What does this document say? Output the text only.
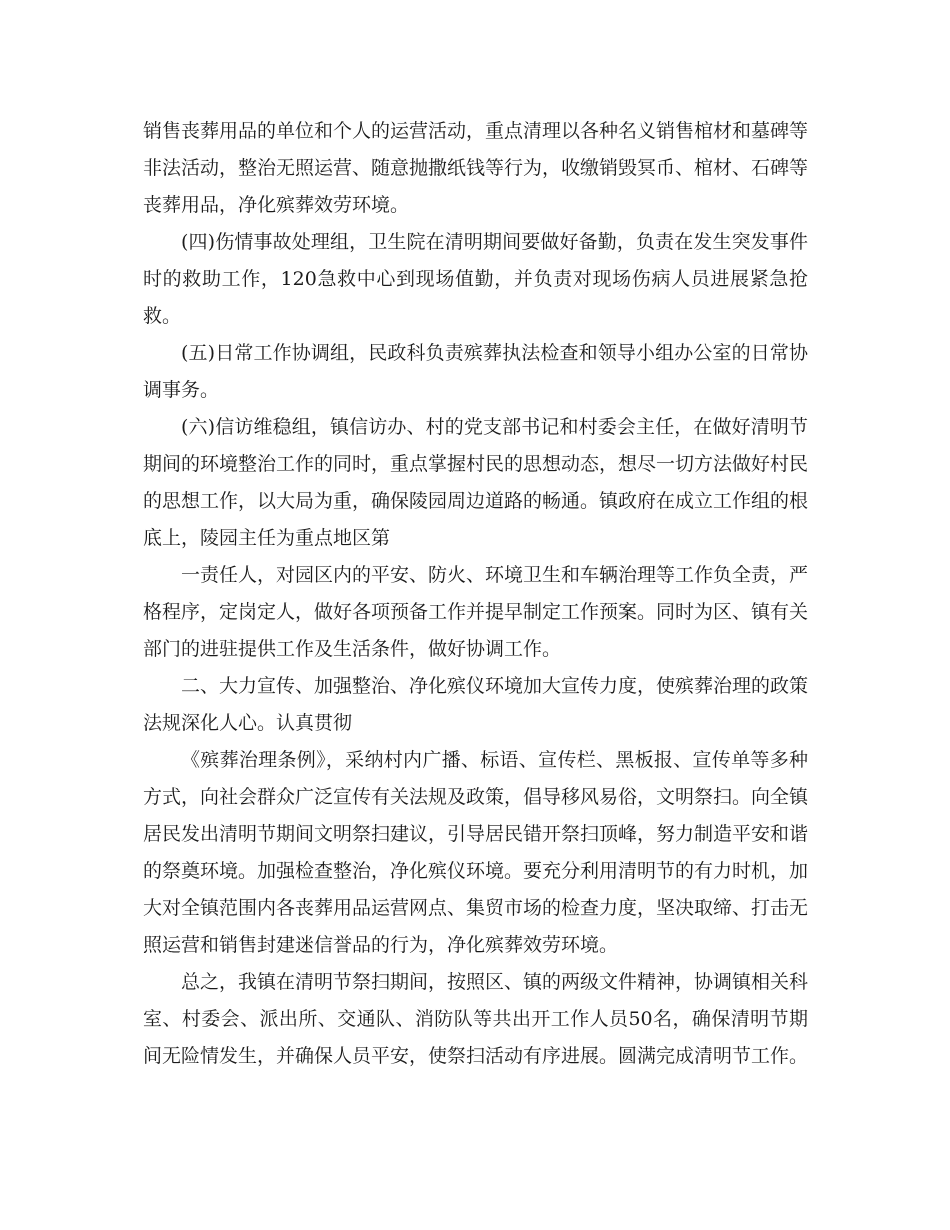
销售丧葬用品的单位和个人的运营活动，重点清理以各种名义销售棺材和墓碑等非法活动，整治无照运营、随意抛撒纸钱等行为，收缴销毁冥币、棺材、石碑等丧葬用品，净化殡葬效劳环境。

(四)伤情事故处理组，卫生院在清明期间要做好备勤，负责在发生突发事件时的救助工作，120急救中心到现场值勤，并负责对现场伤病人员进展紧急抢救。

(五)日常工作协调组，民政科负责殡葬执法检查和领导小组办公室的日常协调事务。

(六)信访维稳组，镇信访办、村的党支部书记和村委会主任，在做好清明节期间的环境整治工作的同时，重点掌握村民的思想动态，想尽一切方法做好村民的思想工作，以大局为重，确保陵园周边道路的畅通。镇政府在成立工作组的根底上，陵园主任为重点地区第

一责任人，对园区内的平安、防火、环境卫生和车辆治理等工作负全责，严格程序，定岗定人，做好各项预备工作并提早制定工作预案。同时为区、镇有关部门的进驻提供工作及生活条件，做好协调工作。

二、大力宣传、加强整治、净化殡仪环境加大宣传力度，使殡葬治理的政策法规深化人心。认真贯彻

《殡葬治理条例》，采纳村内广播、标语、宣传栏、黑板报、宣传单等多种方式，向社会群众广泛宣传有关法规及政策，倡导移风易俗，文明祭扫。向全镇居民发出清明节期间文明祭扫建议，引导居民错开祭扫顶峰，努力制造平安和谐的祭奠环境。加强检查整治，净化殡仪环境。要充分利用清明节的有力时机，加大对全镇范围内各丧葬用品运营网点、集贸市场的检查力度，坚决取缔、打击无照运营和销售封建迷信誉品的行为，净化殡葬效劳环境。

总之，我镇在清明节祭扫期间，按照区、镇的两级文件精神，协调镇相关科室、村委会、派出所、交通队、消防队等共出开工作人员50名，确保清明节期间无险情发生，并确保人员平安，使祭扫活动有序进展。圆满完成清明节工作。
